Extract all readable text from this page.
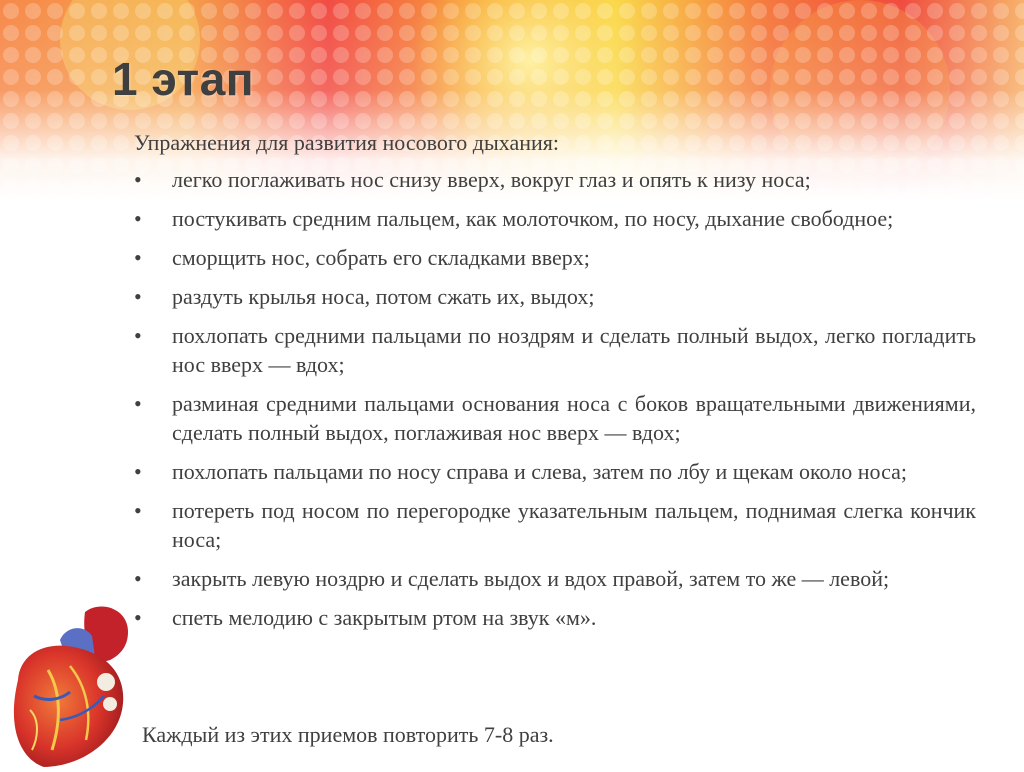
1 этап

Упражнения для развития носового дыхания:

•	легко поглаживать нос снизу вверх, вокруг глаз и опять к низу носа;
•	постукивать средним пальцем, как молоточком, по носу, дыхание свободное;
•	сморщить нос, собрать его складками вверх;
•	раздуть крылья носа, потом сжать их, выдох;
•	похлопать средними пальцами по ноздрям и сделать полный выдох, легко погладить нос вверх — вдох;
•	разминая средними пальцами основания носа с боков вращательными движениями, сделать полный выдох, поглаживая нос вверх — вдох;
•	похлопать пальцами по носу справа и слева, затем по лбу и щекам около носа;
•	потереть под носом по перегородке указательным пальцем, поднимая слегка кончик носа;
•	закрыть левую ноздрю и сделать выдох и вдох правой, затем то же — левой;
•	спеть мелодию с закрытым ртом на звук «м».
Каждый из этих приемов повторить 7-8 раз.
